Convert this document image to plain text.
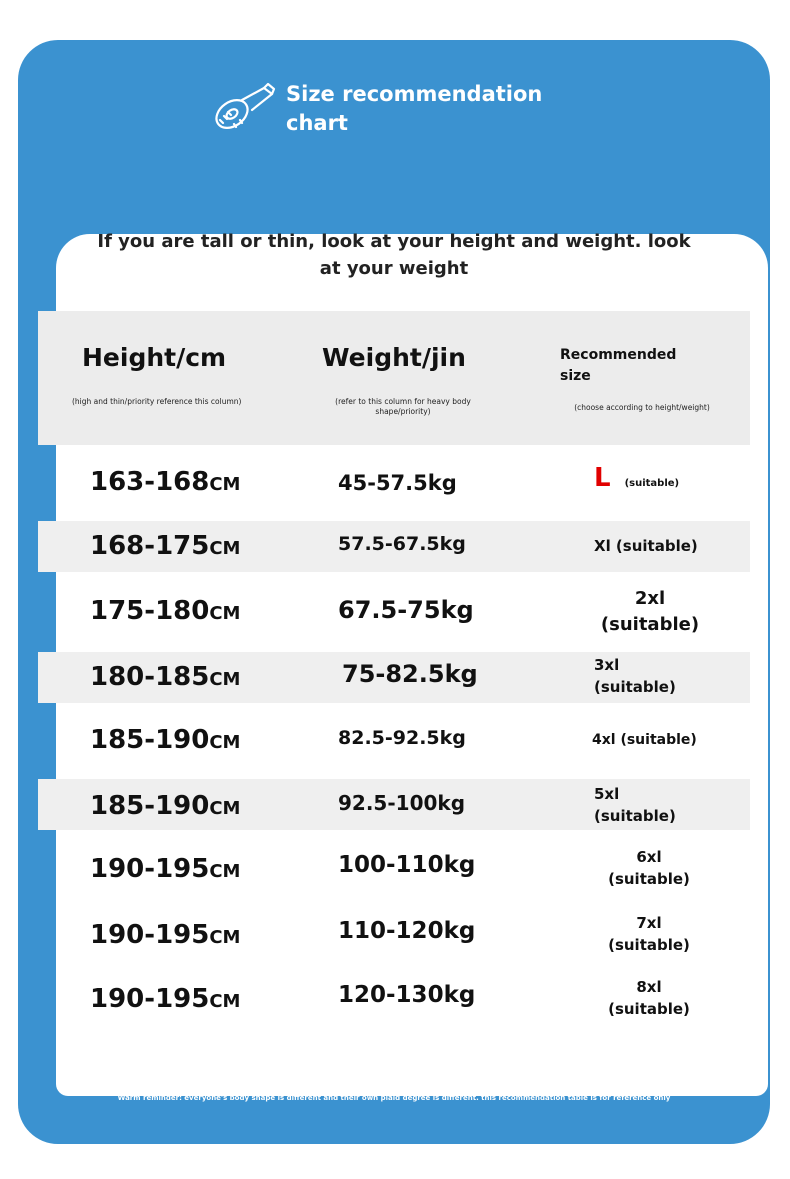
Size recommendation chart
If you are tall or thin, look at your height and weight. look at your weight
Height/cm
(high and thin/priority reference this column)
Weight/jin
(refer to this column for heavy body shape/priority)
Recommended size
(choose according to height/weight)
163-168CM	45-57.5kg	L (suitable)
168-175CM	57.5-67.5kg	Xl (suitable)
175-180CM	67.5-75kg	2xl (suitable)
180-185CM	75-82.5kg	3xl (suitable)
185-190CM	82.5-92.5kg	4xl (suitable)
185-190CM	92.5-100kg	5xl (suitable)
190-195CM	100-110kg	6xl (suitable)
190-195CM	110-120kg	7xl (suitable)
190-195CM	120-130kg	8xl (suitable)
Warm reminder: everyone's body shape is different and their own plaid degree is different. this recommendation table is for reference only
